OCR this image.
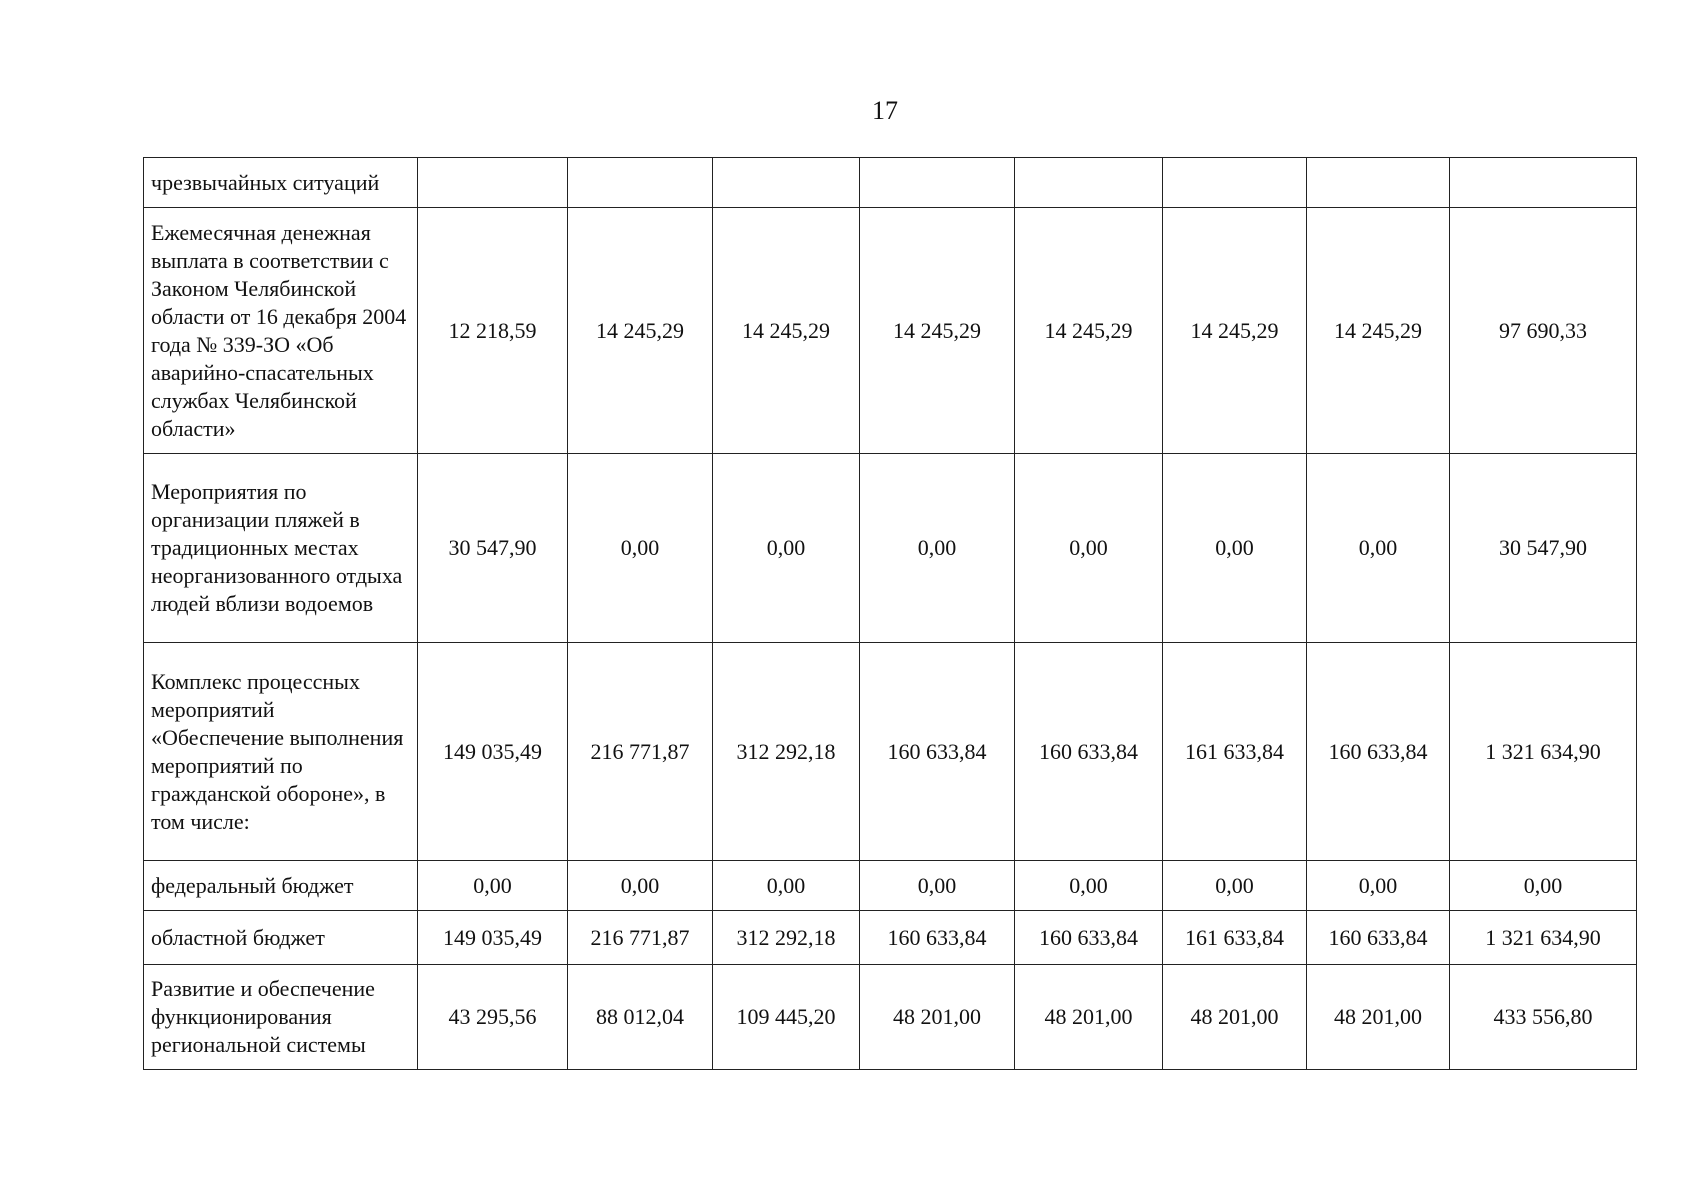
17
чрезвычайных ситуаций								
Ежемесячная денежная выплата в соответствии с Законом Челябинской области от 16 декабря 2004 года № 339-ЗО «Об аварийно-спасательных службах Челябинской области»	12 218,59	14 245,29	14 245,29	14 245,29	14 245,29	14 245,29	14 245,29	97 690,33
Мероприятия по организации пляжей в традиционных местах неорганизованного отдыха людей вблизи водоемов	30 547,90	0,00	0,00	0,00	0,00	0,00	0,00	30 547,90
Комплекс процессных мероприятий «Обеспечение выполнения мероприятий по гражданской обороне», в том числе:	149 035,49	216 771,87	312 292,18	160 633,84	160 633,84	161 633,84	160 633,84	1 321 634,90
федеральный бюджет	0,00	0,00	0,00	0,00	0,00	0,00	0,00	0,00
областной бюджет	149 035,49	216 771,87	312 292,18	160 633,84	160 633,84	161 633,84	160 633,84	1 321 634,90
Развитие и обеспечение функционирования региональной системы	43 295,56	88 012,04	109 445,20	48 201,00	48 201,00	48 201,00	48 201,00	433 556,80
